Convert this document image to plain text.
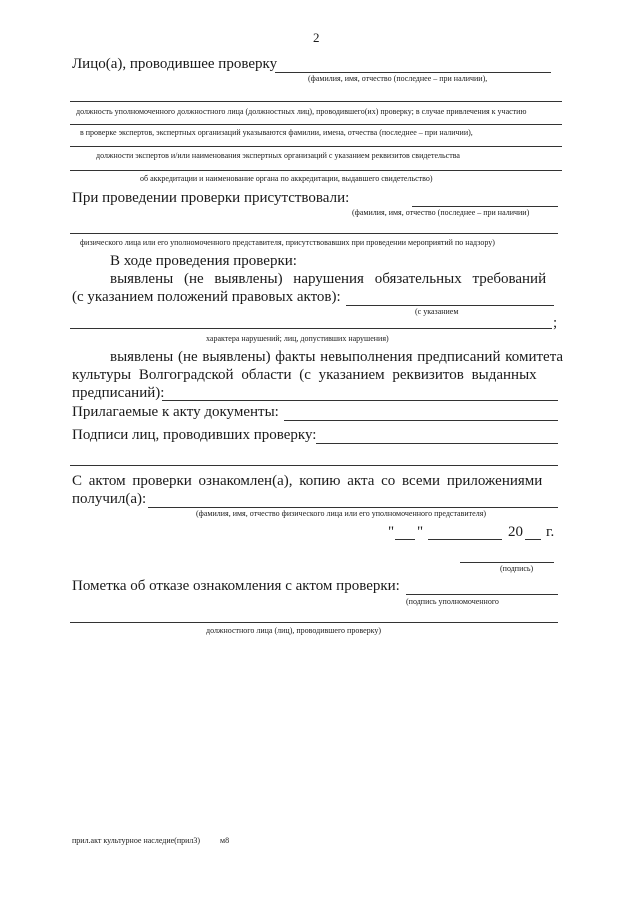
2
Лицо(а), проводившее проверку
(фамилия, имя, отчество (последнее – при наличии),
должность уполномоченного должностного лица (должностных лиц), проводившего(их) проверку; в случае привлечения к участию
в проверке экспертов, экспертных организаций указываются фамилии, имена, отчества (последнее – при наличии),
должности экспертов и/или наименования экспертных организаций с указанием реквизитов свидетельства
об аккредитации и наименование органа по аккредитации, выдавшего свидетельство)
При проведении проверки присутствовали:
(фамилия, имя, отчество (последнее – при наличии)
физического лица или его уполномоченного представителя, присутствовавших при проведении мероприятий по надзору)
В ходе проведения проверки:
выявлены (не выявлены) нарушения обязательных требований
(с указанием положений правовых актов):
(с указанием
;
характера нарушений; лиц, допустивших нарушения)
выявлены (не выявлены) факты невыполнения предписаний комитета
культуры Волгоградской области (с указанием реквизитов выданных
предписаний):
Прилагаемые к акту документы:
Подписи лиц, проводивших проверку:
С актом проверки ознакомлен(а), копию акта со всеми приложениями
получил(а):
(фамилия, имя, отчество физического лица или его уполномоченного представителя)
" "	20 г.
(подпись)
Пометка об отказе ознакомления с актом проверки:
(подпись уполномоченного
должностного лица (лиц), проводившего проверку)
прил.акт культурное наследие(прил3) м8
